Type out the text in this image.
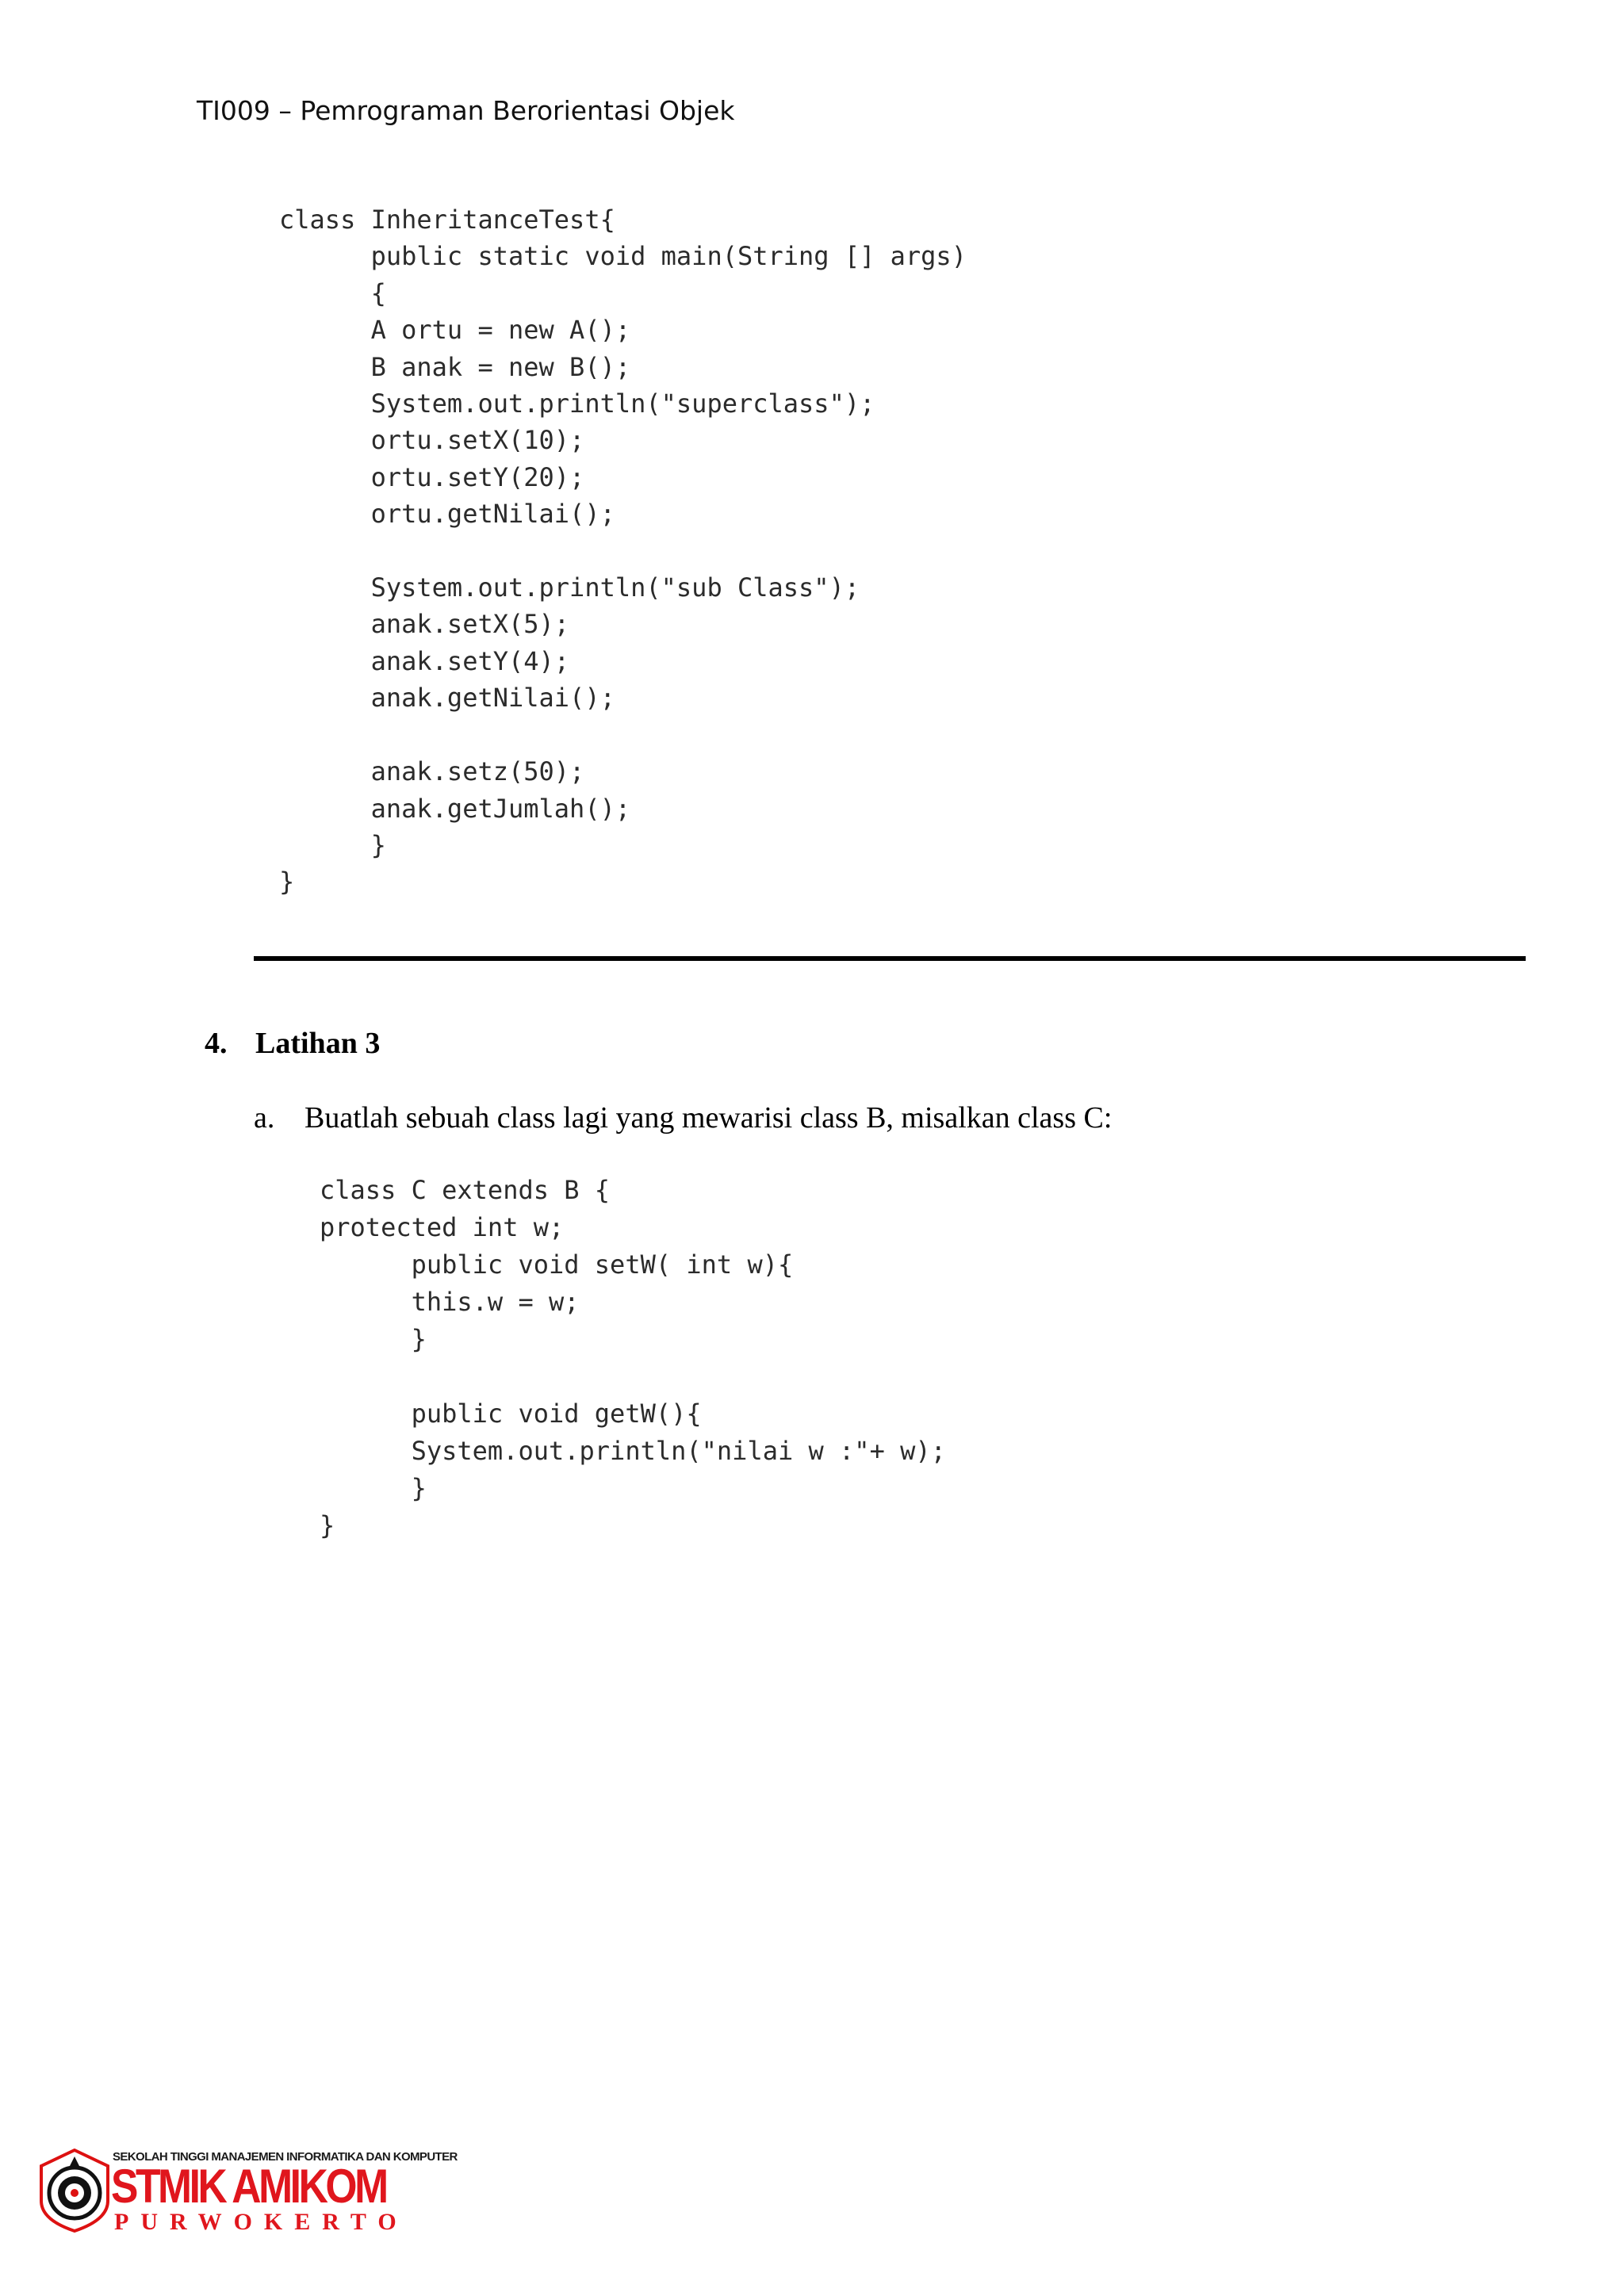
TI009 – Pemrograman Berorientasi Objek
class InheritanceTest{
public static void main(String [] args)
{
A ortu = new A();
B anak = new B();
System.out.println("superclass");
ortu.setX(10);
ortu.setY(20);
ortu.getNilai();

System.out.println("sub Class");
anak.setX(5);
anak.setY(4);
anak.getNilai();

anak.setz(50);
anak.getJumlah();
}
}
4. Latihan 3
a. Buatlah sebuah class lagi yang mewarisi class B, misalkan class C:
class C extends B {
protected int w;
public void setW( int w){
this.w = w;
}

public void getW(){
System.out.println("nilai w :"+ w);
}
}
SEKOLAH TINGGI MANAJEMEN INFORMATIKA DAN KOMPUTER
STMIK AMIKOM
PURWOKERTO
